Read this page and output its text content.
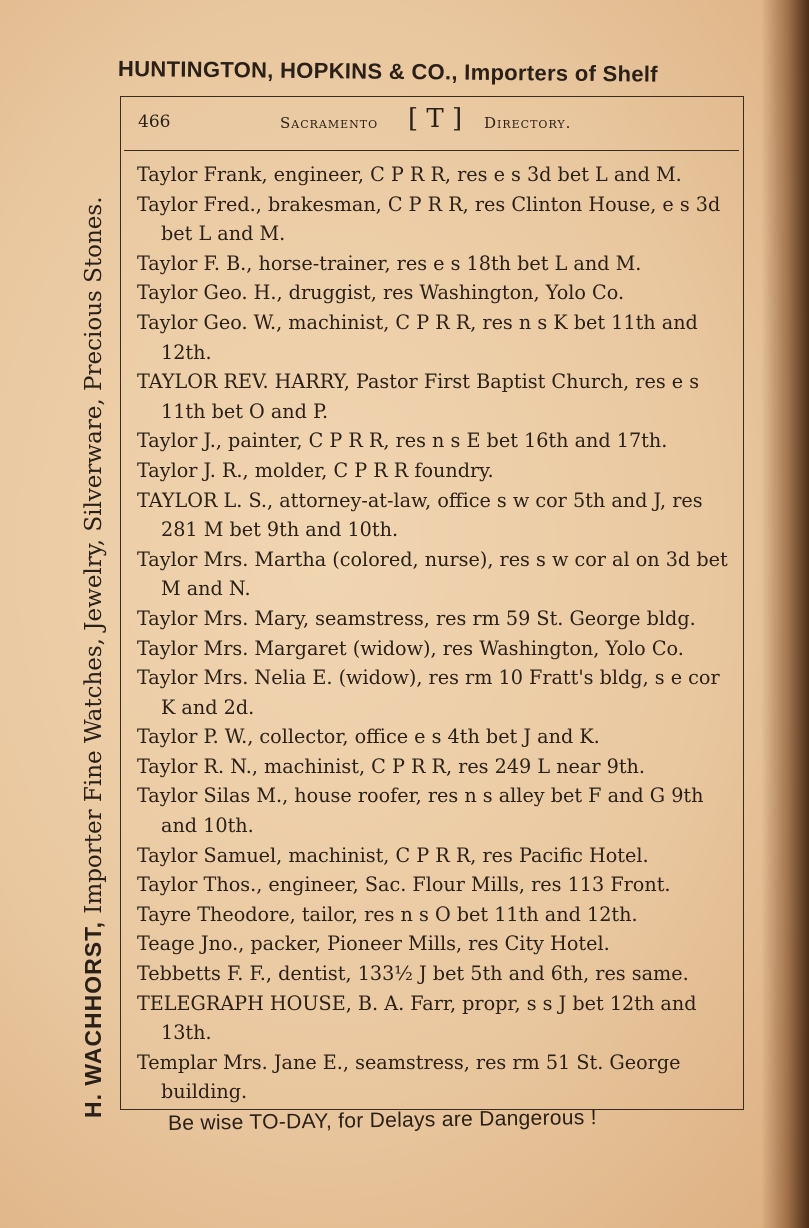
HUNTINGTON, HOPKINS & CO., Importers of Shelf
H. WACHHORST, Importer Fine Watches, Jewelry, Silverware, Precious Stones.
466	Sacramento [ T ] Directory.

Taylor Frank, engineer, C P R R, res e s 3d bet L and M.

Taylor Fred., brakesman, C P R R, res Clinton House, e s 3d bet L and M.

Taylor F. B., horse-trainer, res e s 18th bet L and M.

Taylor Geo. H., druggist, res Washington, Yolo Co.

Taylor Geo. W., machinist, C P R R, res n s K bet 11th and 12th.

TAYLOR REV. HARRY, Pastor First Baptist Church, res e s 11th bet O and P.

Taylor J., painter, C P R R, res n s E bet 16th and 17th.

Taylor J. R., molder, C P R R foundry.

TAYLOR L. S., attorney-at-law, office s w cor 5th and J, res 281 M bet 9th and 10th.

Taylor Mrs. Martha (colored, nurse), res s w cor al on 3d bet M and N.

Taylor Mrs. Mary, seamstress, res rm 59 St. George bldg.

Taylor Mrs. Margaret (widow), res Washington, Yolo Co.

Taylor Mrs. Nelia E. (widow), res rm 10 Fratt's bldg, s e cor K and 2d.

Taylor P. W., collector, office e s 4th bet J and K.

Taylor R. N., machinist, C P R R, res 249 L near 9th.

Taylor Silas M., house roofer, res n s alley bet F and G 9th and 10th.

Taylor Samuel, machinist, C P R R, res Pacific Hotel.

Taylor Thos., engineer, Sac. Flour Mills, res 113 Front.

Tayre Theodore, tailor, res n s O bet 11th and 12th.

Teage Jno., packer, Pioneer Mills, res City Hotel.

Tebbetts F. F., dentist, 133½ J bet 5th and 6th, res same.

TELEGRAPH HOUSE, B. A. Farr, propr, s s J bet 12th and 13th.

Templar Mrs. Jane E., seamstress, res rm 51 St. George building.

Be wise TO-DAY, for Delays are Dangerous !
